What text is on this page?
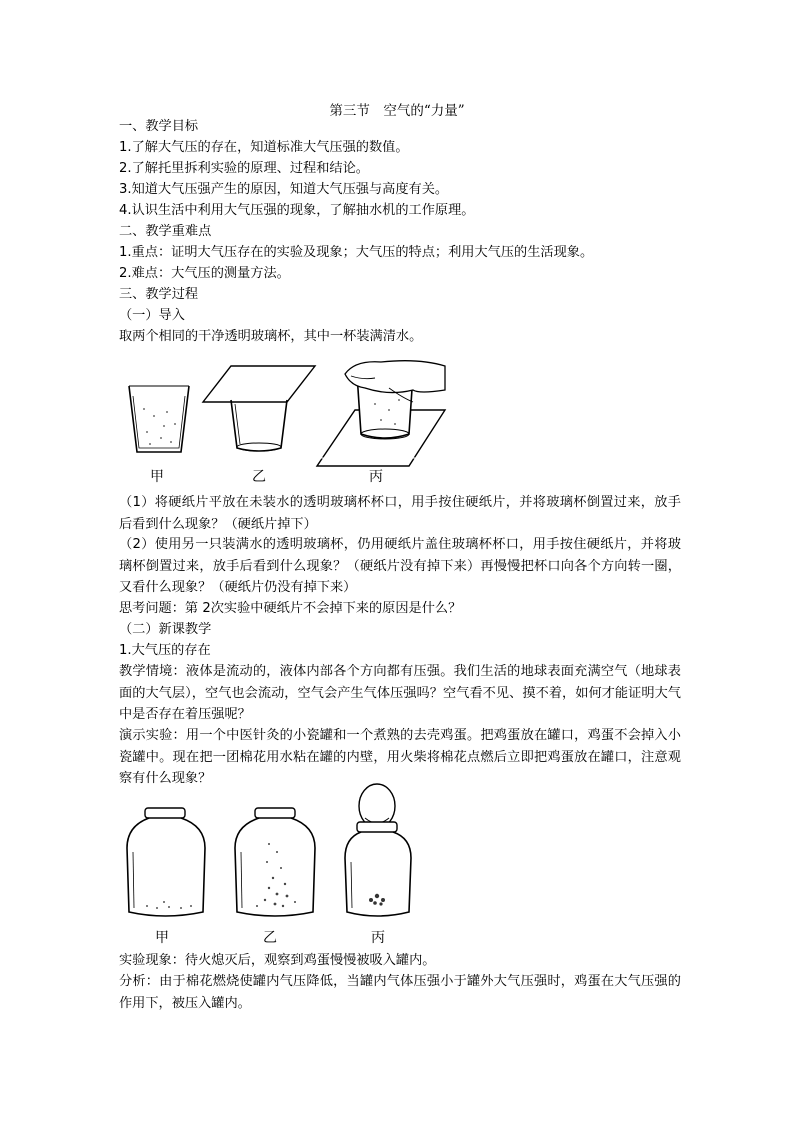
第三节　空气的“力量”
一、教学目标
1.了解大气压的存在，知道标准大气压强的数值。
2.了解托里拆利实验的原理、过程和结论。
3.知道大气压强产生的原因，知道大气压强与高度有关。
4.认识生活中利用大气压强的现象，了解抽水机的工作原理。
二、教学重难点
1.重点：证明大气压存在的实验及现象；大气压的特点；利用大气压的生活现象。
2.难点：大气压的测量方法。
三、教学过程
（一）导入
取两个相同的干净透明玻璃杯，其中一杯装满清水。
甲	乙	丙
（1）将硬纸片平放在未装水的透明玻璃杯杯口，用手按住硬纸片，并将玻璃杯倒置过来，放手后看到什么现象？（硬纸片掉下）
（2）使用另一只装满水的透明玻璃杯，仍用硬纸片盖住玻璃杯杯口，用手按住硬纸片，并将玻璃杯倒置过来，放手后看到什么现象？（硬纸片没有掉下来）再慢慢把杯口向各个方向转一圈，又看什么现象？（硬纸片仍没有掉下来）
思考问题：第 2次实验中硬纸片不会掉下来的原因是什么？
（二）新课教学
1.大气压的存在
教学情境：液体是流动的，液体内部各个方向都有压强。我们生活的地球表面充满空气（地球表面的大气层），空气也会流动，空气会产生气体压强吗？空气看不见、摸不着，如何才能证明大气中是否存在着压强呢？
演示实验：用一个中医针灸的小瓷罐和一个煮熟的去壳鸡蛋。把鸡蛋放在罐口，鸡蛋不会掉入小瓷罐中。现在把一团棉花用水粘在罐的内壁，用火柴将棉花点燃后立即把鸡蛋放在罐口，注意观察有什么现象？
甲	乙	丙
实验现象：待火熄灭后，观察到鸡蛋慢慢被吸入罐内。
分析：由于棉花燃烧使罐内气压降低，当罐内气体压强小于罐外大气压强时，鸡蛋在大气压强的作用下，被压入罐内。
